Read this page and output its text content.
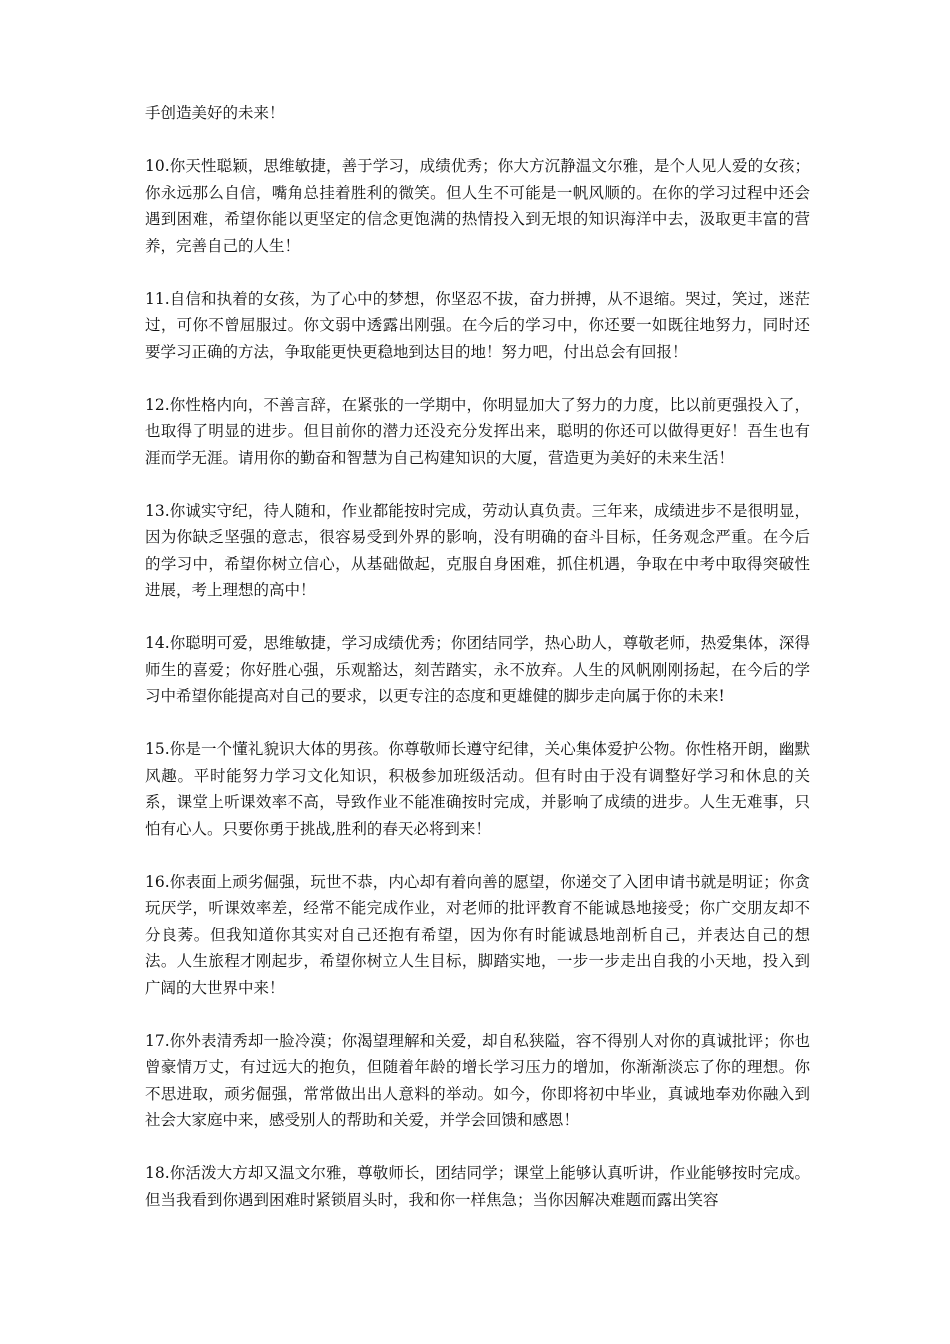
手创造美好的未来！

10.你天性聪颖，思维敏捷，善于学习，成绩优秀；你大方沉静温文尔雅，是个人见人爱的女孩；你永远那么自信，嘴角总挂着胜利的微笑。但人生不可能是一帆风顺的。在你的学习过程中还会遇到困难，希望你能以更坚定的信念更饱满的热情投入到无垠的知识海洋中去，汲取更丰富的营养，完善自己的人生！

11.自信和执着的女孩，为了心中的梦想，你坚忍不拔，奋力拼搏，从不退缩。哭过，笑过，迷茫过，可你不曾屈服过。你文弱中透露出刚强。在今后的学习中，你还要一如既往地努力，同时还要学习正确的方法，争取能更快更稳地到达目的地！努力吧，付出总会有回报！

12.你性格内向，不善言辞，在紧张的一学期中，你明显加大了努力的力度，比以前更强投入了，也取得了明显的进步。但目前你的潜力还没充分发挥出来，聪明的你还可以做得更好！吾生也有涯而学无涯。请用你的勤奋和智慧为自己构建知识的大厦，营造更为美好的未来生活！

13.你诚实守纪，待人随和，作业都能按时完成，劳动认真负责。三年来，成绩进步不是很明显，因为你缺乏坚强的意志，很容易受到外界的影响，没有明确的奋斗目标，任务观念严重。在今后的学习中，希望你树立信心，从基础做起，克服自身困难，抓住机遇，争取在中考中取得突破性进展，考上理想的高中！

14.你聪明可爱，思维敏捷，学习成绩优秀；你团结同学，热心助人，尊敬老师，热爱集体，深得师生的喜爱；你好胜心强，乐观豁达，刻苦踏实，永不放弃。人生的风帆刚刚扬起，在今后的学习中希望你能提高对自己的要求，以更专注的态度和更雄健的脚步走向属于你的未来!

15.你是一个懂礼貌识大体的男孩。你尊敬师长遵守纪律，关心集体爱护公物。你性格开朗，幽默风趣。平时能努力学习文化知识，积极参加班级活动。但有时由于没有调整好学习和休息的关系，课堂上听课效率不高，导致作业不能准确按时完成，并影响了成绩的进步。人生无难事，只怕有心人。只要你勇于挑战,胜利的春天必将到来！

16.你表面上顽劣倔强，玩世不恭，内心却有着向善的愿望，你递交了入团申请书就是明证；你贪玩厌学，听课效率差，经常不能完成作业，对老师的批评教育不能诚恳地接受；你广交朋友却不分良莠。但我知道你其实对自己还抱有希望，因为你有时能诚恳地剖析自己，并表达自己的想法。人生旅程才刚起步，希望你树立人生目标，脚踏实地，一步一步走出自我的小天地，投入到广阔的大世界中来！

17.你外表清秀却一脸冷漠；你渴望理解和关爱，却自私狭隘，容不得别人对你的真诚批评；你也曾豪情万丈，有过远大的抱负，但随着年龄的增长学习压力的增加，你渐渐淡忘了你的理想。你不思进取，顽劣倔强，常常做出出人意料的举动。如今，你即将初中毕业，真诚地奉劝你融入到社会大家庭中来，感受别人的帮助和关爱，并学会回馈和感恩！

18.你活泼大方却又温文尔雅，尊敬师长，团结同学；课堂上能够认真听讲，作业能够按时完成。但当我看到你遇到困难时紧锁眉头时，我和你一样焦急；当你因解决难题而露出笑容
